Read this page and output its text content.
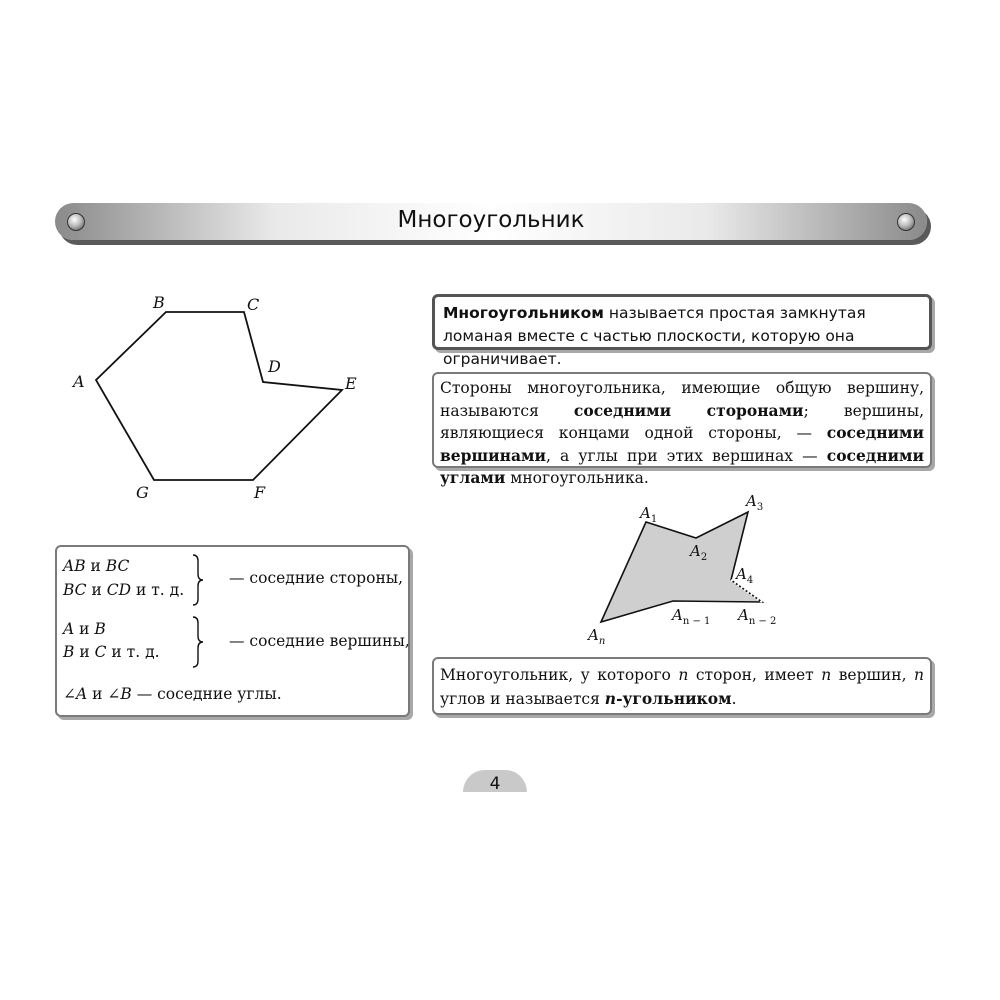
Многоугольник
A
B	C
D
E
F
G
Многоугольником называется простая замкнутая ломаная вместе с частью плоскости, которую она ограничивает.
Стороны многоугольника, имеющие общую вершину, называются соседними сторонами; вершины, являющиеся концами одной стороны, — соседними вершинами, а углы при этих вершинах — соседними углами многоугольника.
AB и BC
BC и CD и т. д.
— соседние стороны,
A и B
B и C и т. д.
— соседние вершины,
∠A и ∠B — соседние углы.
$A_1$
$A_2$
$A_3$
$A_4$
$A_{n - 1}$ $A_{n - 2}$
$A_n$
Многоугольник, у которого n сторон, имеет n вершин, n углов и называется n-угольником.
4
